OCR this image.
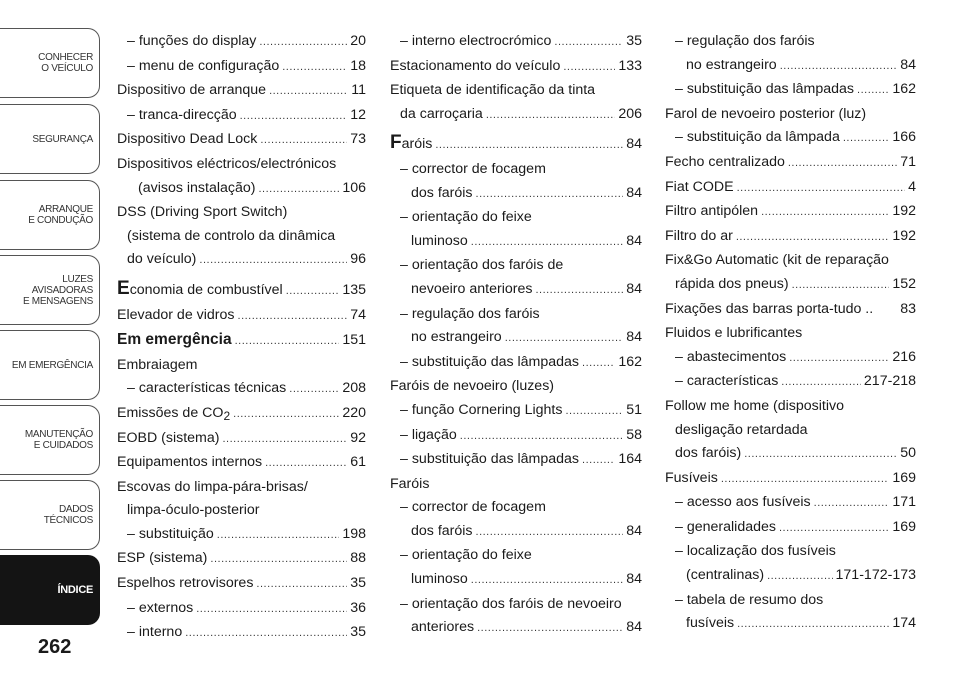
CONHECER
O VEÍCULO
SEGURANÇA
ARRANQUE
E CONDUÇÃO
LUZES
AVISADORAS
E MENSAGENS
EM EMERGÊNCIA
MANUTENÇÃO
E CUIDADOS
DADOS
TÉCNICOS
ÍNDICE
262
– funções do display .....	20
– menu de configuração .....	18
Dispositivo de arranque .....	11
– tranca-direcção .....	12
Dispositivo Dead Lock .....	73
Dispositivos eléctricos/electrónicos
(avisos instalação) .....	106
DSS (Driving Sport Switch)
(sistema de controlo da dinâmica
do veículo) .....	96
Economia de combustível .....	135
Elevador de vidros .....	74
Em emergência .....	151
Embraiagem
– características técnicas .....	208
Emissões de $CO_2$ .....	220
EOBD (sistema) .....	92
Equipamentos internos .....	61
Escovas do limpa-pára-brisas/
limpa-óculo-posterior
– substituição .....	198
ESP (sistema) .....	88
Espelhos retrovisores .....	35
– externos .....	36
– interno .....	35
– interno electrocrómico .....	35
Estacionamento do veículo .....	133
Etiqueta de identificação da tinta
da carroçaria .....	206
Faróis .....	84
– corrector de focagem
dos faróis .....	84
– orientação do feixe
luminoso .....	84
– orientação dos faróis de
nevoeiro anteriores .....	84
– regulação dos faróis
no estrangeiro .....	84
– substituição das lâmpadas .....	162
Faróis de nevoeiro (luzes)
– função Cornering Lights .....	51
– ligação .....	58
– substituição das lâmpadas .....	164
Faróis
– corrector de focagem
dos faróis .....	84
– orientação do feixe
luminoso .....	84
– orientação dos faróis de nevoeiro
anteriores .....	84
– regulação dos faróis
no estrangeiro .....	84
– substituição das lâmpadas .....	162
Farol de nevoeiro posterior (luz)
– substituição da lâmpada .....	166
Fecho centralizado .....	71
Fiat CODE .....	4
Filtro antipólen .....	192
Filtro do ar .....	192
Fix&Go Automatic (kit de reparação
rápida dos pneus) .....	152
Fixações das barras porta-tudo .. 83
Fluidos e lubrificantes
– abastecimentos .....	216
– características .....	217-218
Follow me home (dispositivo
desligação retardada
dos faróis) .....	50
Fusíveis .....	169
– acesso aos fusíveis .....	171
– generalidades .....	169
– localização dos fusíveis
(centralinas) .....	171-172-173
– tabela de resumo dos
fusíveis .....	174
